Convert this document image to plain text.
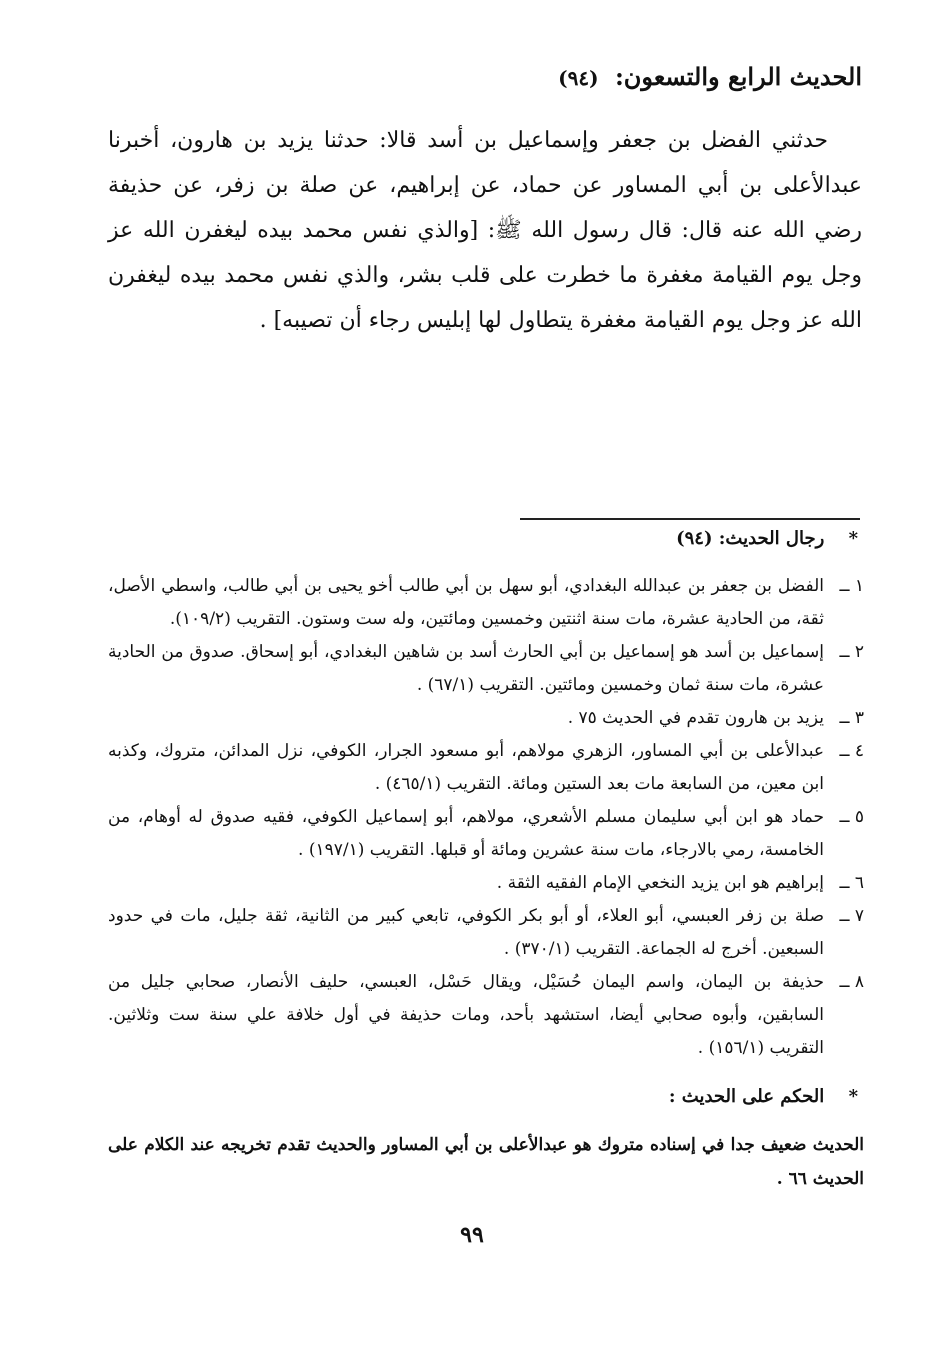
الحديث الرابع والتسعون: (٩٤)

حدثني الفضل بن جعفر وإسماعيل بن أسد قالا: حدثنا يزيد بن هارون، أخبرنا عبدالأعلى بن أبي المساور عن حماد، عن إبراهيم، عن صلة بن زفر، عن حذيفة رضي الله عنه قال: قال رسول الله ﷺ: [والذي نفس محمد بيده ليغفرن الله عز وجل يوم القيامة مغفرة ما خطرت على قلب بشر، والذي نفس محمد بيده ليغفرن الله عز وجل يوم القيامة مغفرة يتطاول لها إبليس رجاء أن تصيبه] .

* رجال الحديث: (٩٤)
١ ــ
الفضل بن جعفر بن عبدالله البغدادي، أبو سهل بن أبي طالب أخو يحيى بن أبي طالب، واسطي الأصل، ثقة، من الحادية عشرة، مات سنة اثنتين وخمسين ومائتين، وله ست وستون. التقريب (١٠٩/٢).
٢ ــ
إسماعيل بن أسد هو إسماعيل بن أبي الحارث أسد بن شاهين البغدادي، أبو إسحاق. صدوق من الحادية عشرة، مات سنة ثمان وخمسين ومائتين. التقريب (٦٧/١) .
٣ ــ
يزيد بن هارون تقدم في الحديث ٧٥ .
٤ ــ
عبدالأعلى بن أبي المساور، الزهري مولاهم، أبو مسعود الجرار، الكوفي، نزل المدائن، متروك، وكذبه ابن معين، من السابعة مات بعد الستين ومائة. التقريب (٤٦٥/١) .
٥ ــ
حماد هو ابن أبي سليمان مسلم الأشعري، مولاهم، أبو إسماعيل الكوفي، فقيه صدوق له أوهام، من الخامسة، رمي بالارجاء، مات سنة عشرين ومائة أو قبلها. التقريب (١٩٧/١) .
٦ ــ
إبراهيم هو ابن يزيد النخعي الإمام الفقيه الثقة .
٧ ــ
صلة بن زفر العبسي، أبو العلاء، أو أبو بكر الكوفي، تابعي كبير من الثانية، ثقة جليل، مات في حدود السبعين. أخرج له الجماعة. التقريب (٣٧٠/١) .
٨ ــ
حذيفة بن اليمان، واسم اليمان حُسَيْل، ويقال حَسْل، العبسي، حليف الأنصار، صحابي جليل من السابقين، وأبوه صحابي أيضا، استشهد بأحد، ومات حذيفة في أول خلافة علي سنة ست وثلاثين. التقريب (١٥٦/١) .
* الحكم على الحديث :
الحديث ضعيف جدا في إسناده متروك هو عبدالأعلى بن أبي المساور والحديث تقدم تخريجه عند الكلام على الحديث ٦٦ .
٩٩
